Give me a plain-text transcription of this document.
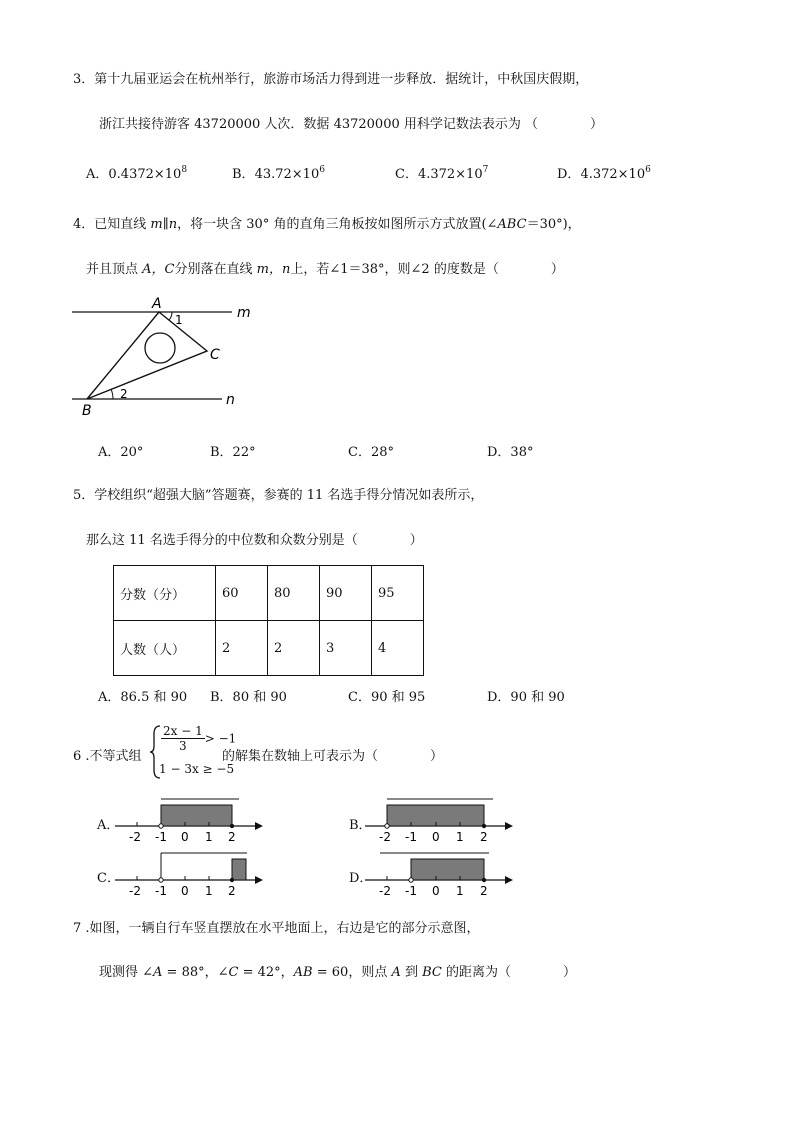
3．第十九届亚运会在杭州举行，旅游市场活力得到进一步释放．据统计，中秋国庆假期，
浙江共接待游客 43720000 人次．数据 43720000 用科学记数法表示为 （　　　　）
A．$0.4372\times 10^8$	B．$43.72\times 10^6$	C．$4.372\times 10^7$	D．$4.372\times 10^6$
4．已知直线 m∥n，将一块含 30° 角的直角三角板按如图所示方式放置(∠ABC＝30°)，
并且顶点 A，C分别落在直线 m，n上，若∠1＝38°，则∠2 的度数是（　　　　）
A
1
C
m
2	n
B
A．20°	B．22°	C．28°	D．38°
5．学校组织“超强大脑”答题赛，参赛的 11 名选手得分情况如表所示，
那么这 11 名选手得分的中位数和众数分别是（　　　　）
分数（分）	60	80	90	95
人数（人）	2	2	3	4
A．86.5 和 90 B．80 和 90	C．90 和 95	D．90 和 90
6 .不等式组
$\frac{2x - 1}{3} > -1$
1 − 3x ≥ −5
的解集在数轴上可表示为（　　　　）
A．
-2 -1 0 1 2
B．
-2 -1 0 1 2
C．
-2 -1 0 1 2
D．
-2 -1 0 1 2
7 .如图，一辆自行车竖直摆放在水平地面上，右边是它的部分示意图，
现测得 ∠A = 88°，∠C = 42°，AB = 60，则点 A 到 BC 的距离为（　　　　）
